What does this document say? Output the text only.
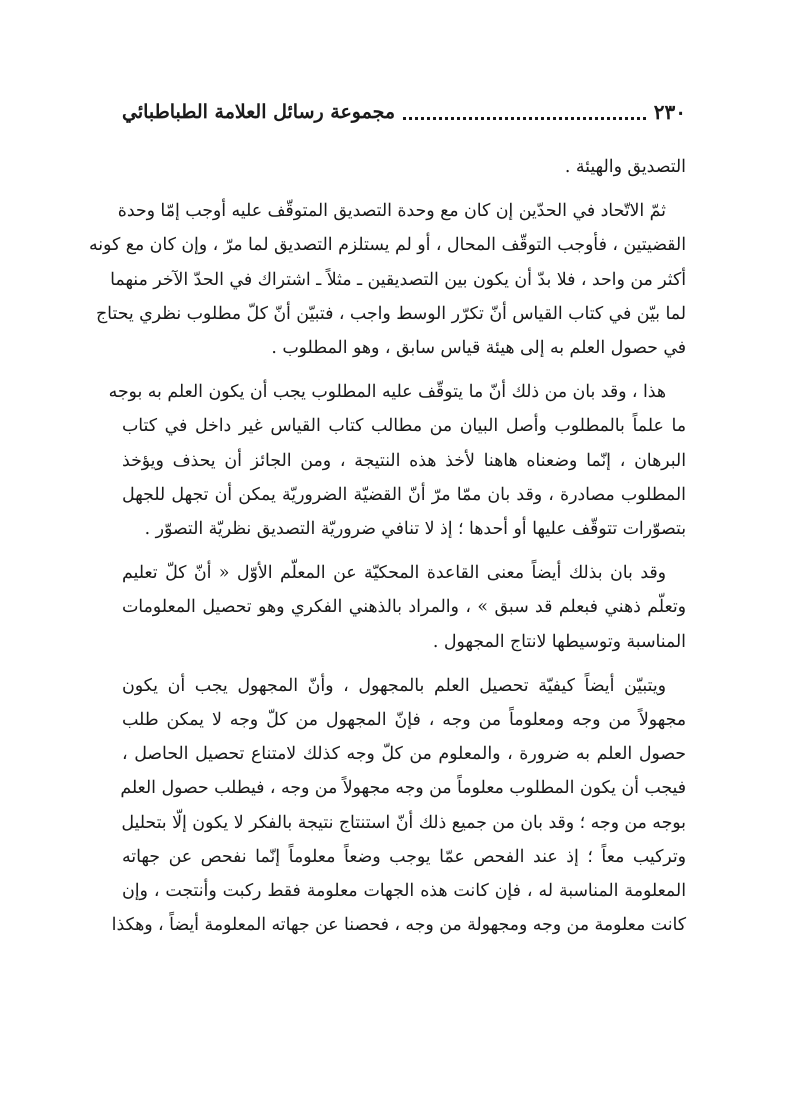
٢٣٠
مجموعة رسائل العلامة الطباطبائي
التصديق والهيئة .
ثمّ الاتّحاد في الحدّين إن كان مع وحدة التصديق المتوقّف عليه أوجب إمّا وحدة
القضيتين ، فأوجب التوقّف المحال ، أو لم يستلزم التصديق لما مرّ ، وإن كان مع كونه
أكثر من واحد ، فلا بدّ أن يكون بين التصديقين ـ مثلاً ـ اشتراك في الحدّ الآخر منهما
لما بيّن في كتاب القياس أنّ تكرّر الوسط واجب ، فتبيّن أنّ كلّ مطلوب نظري يحتاج
في حصول العلم به إلى هيئة قياس سابق ، وهو المطلوب .
هذا ، وقد بان من ذلك أنّ ما يتوقّف عليه المطلوب يجب أن يكون العلم به بوجه
ما علماً بالمطلوب وأصل البيان من مطالب كتاب القياس غير داخل في كتاب
البرهان ، إنّما وضعناه هاهنا لأخذ هذه النتيجة ، ومن الجائز أن يحذف ويؤخذ
المطلوب مصادرة ، وقد بان ممّا مرّ أنّ القضيّة الضروريّة يمكن أن تجهل للجهل
بتصوّرات تتوقّف عليها أو أحدها ؛ إذ لا تنافي ضروريّة التصديق نظريّة التصوّر .
وقد بان بذلك أيضاً معنى القاعدة المحكيّة عن المعلّم الأوّل « أنّ كلّ تعليم
وتعلّم ذهني فبعلم قد سبق » ، والمراد بالذهني الفكري وهو تحصيل المعلومات
المناسبة وتوسيطها لانتاج المجهول .
ويتبيّن أيضاً كيفيّة تحصيل العلم بالمجهول ، وأنّ المجهول يجب أن يكون
مجهولاً من وجه ومعلوماً من وجه ، فإنّ المجهول من كلّ وجه لا يمكن طلب
حصول العلم به ضرورة ، والمعلوم من كلّ وجه كذلك لامتناع تحصيل الحاصل ،
فيجب أن يكون المطلوب معلوماً من وجه مجهولاً من وجه ، فيطلب حصول العلم
بوجه من وجه ؛ وقد بان من جميع ذلك أنّ استنتاج نتيجة بالفكر لا يكون إلّا بتحليل
وتركيب معاً ؛ إذ عند الفحص عمّا يوجب وضعاً معلوماً إنّما نفحص عن جهاته
المعلومة المناسبة له ، فإن كانت هذه الجهات معلومة فقط ركبت وأنتجت ، وإن
كانت معلومة من وجه ومجهولة من وجه ، فحصنا عن جهاته المعلومة أيضاً ، وهكذا
